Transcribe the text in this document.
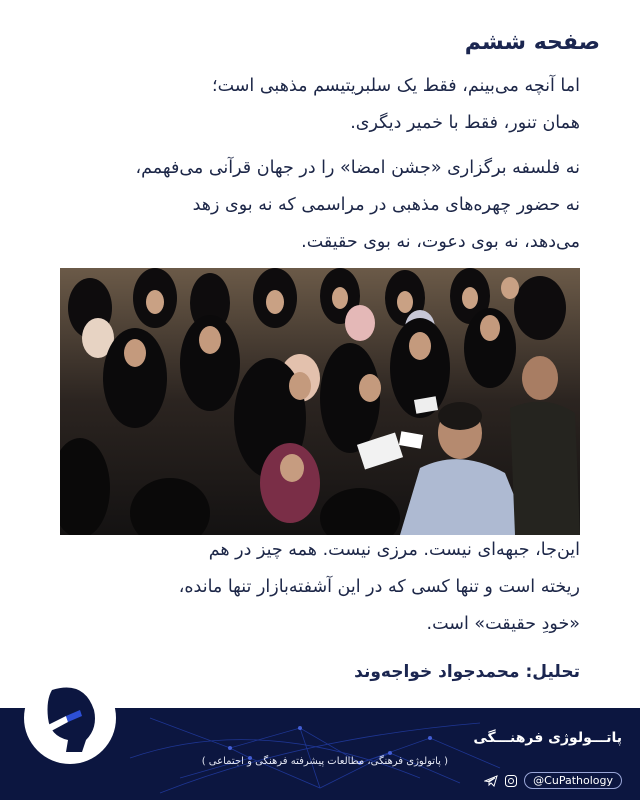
صفحه ششم
اما آنچه می‌بینم، فقط یک سلبریتیسم مذهبی است؛
همان تنور، فقط با خمیر دیگری.
نه فلسفه برگزاری «جشن امضا» را در جهان قرآنی می‌فهمم،
نه حضور چهره‌های مذهبی در مراسمی که نه بوی زهد
می‌دهد، نه بوی دعوت، نه بوی حقیقت.
این‌جا، جبهه‌ای نیست. مرزی نیست. همه چیز در هم
ریخته است و تنها کسی که در این آشفته‌بازار تنها مانده،
«خودِ حقیقت» است.
تحلیل: محمدجواد خواجه‌وند
پاتـــولوژی فرهنـــگی
( پاتولوژی فرهنگی، مطالعات پیشرفته فرهنگی و اجتماعی )
@CuPathology
